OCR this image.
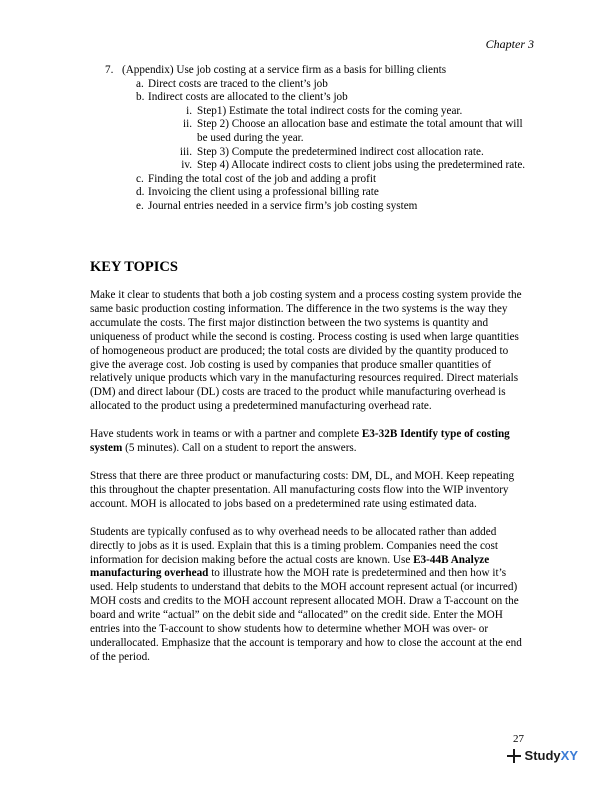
Chapter 3
7. (Appendix) Use job costing at a service firm as a basis for billing clients
a. Direct costs are traced to the client’s job
b. Indirect costs are allocated to the client’s job
i. Step1) Estimate the total indirect costs for the coming year.
ii. Step 2) Choose an allocation base and estimate the total amount that will be used during the year.
iii. Step 3) Compute the predetermined indirect cost allocation rate.
iv. Step 4) Allocate indirect costs to client jobs using the predetermined rate.
c. Finding the total cost of the job and adding a profit
d. Invoicing the client using a professional billing rate
e. Journal entries needed in a service firm’s job costing system
KEY TOPICS

Make it clear to students that both a job costing system and a process costing system provide the same basic production costing information. The difference in the two systems is the way they accumulate the costs. The first major distinction between the two systems is quantity and uniqueness of product while the second is costing. Process costing is used when large quantities of homogeneous product are produced; the total costs are divided by the quantity produced to give the average cost. Job costing is used by companies that produce smaller quantities of relatively unique products which vary in the manufacturing resources required. Direct materials (DM) and direct labour (DL) costs are traced to the product while manufacturing overhead is allocated to the product using a predetermined manufacturing overhead rate.

Have students work in teams or with a partner and complete E3-32B Identify type of costing system (5 minutes). Call on a student to report the answers.

Stress that there are three product or manufacturing costs: DM, DL, and MOH. Keep repeating this throughout the chapter presentation. All manufacturing costs flow into the WIP inventory account. MOH is allocated to jobs based on a predetermined rate using estimated data.

Students are typically confused as to why overhead needs to be allocated rather than added directly to jobs as it is used. Explain that this is a timing problem. Companies need the cost information for decision making before the actual costs are known. Use E3-44B Analyze manufacturing overhead to illustrate how the MOH rate is predetermined and then how it’s used. Help students to understand that debits to the MOH account represent actual (or incurred) MOH costs and credits to the MOH account represent allocated MOH. Draw a T-account on the board and write “actual” on the debit side and “allocated” on the credit side. Enter the MOH entries into the T-account to show students how to determine whether MOH was over- or underallocated. Emphasize that the account is temporary and how to close the account at the end of the period.

27
StudyXY
